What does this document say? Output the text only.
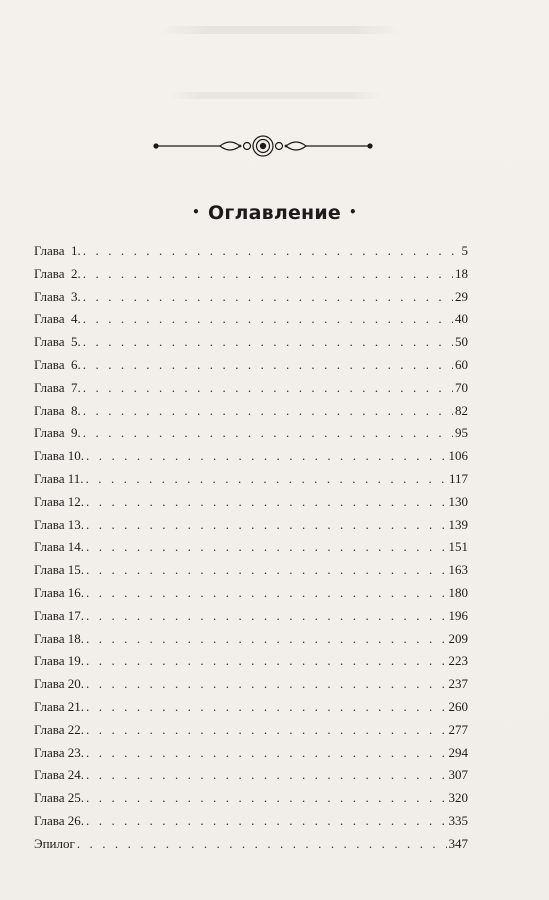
• Оглавление •
Глава  1. . . .	5
Глава  2. . . .	18
Глава  3. . . .	29
Глава  4. . . .	40
Глава  5. . . .	50
Глава  6. . . .	60
Глава  7. . . .	70
Глава  8. . . .	82
Глава  9. . . .	95
Глава 10. . . .	106
Глава 11. . . .	117
Глава 12. . . .	130
Глава 13. . . .	139
Глава 14. . . .	151
Глава 15. . . .	163
Глава 16. . . .	180
Глава 17. . . .	196
Глава 18. . . .	209
Глава 19. . . .	223
Глава 20. . . .	237
Глава 21. . . .	260
Глава 22. . . .	277
Глава 23. . . .	294
Глава 24. . . .	307
Глава 25. . . .	320
Глава 26. . . .	335
Эпилог . . .	347
